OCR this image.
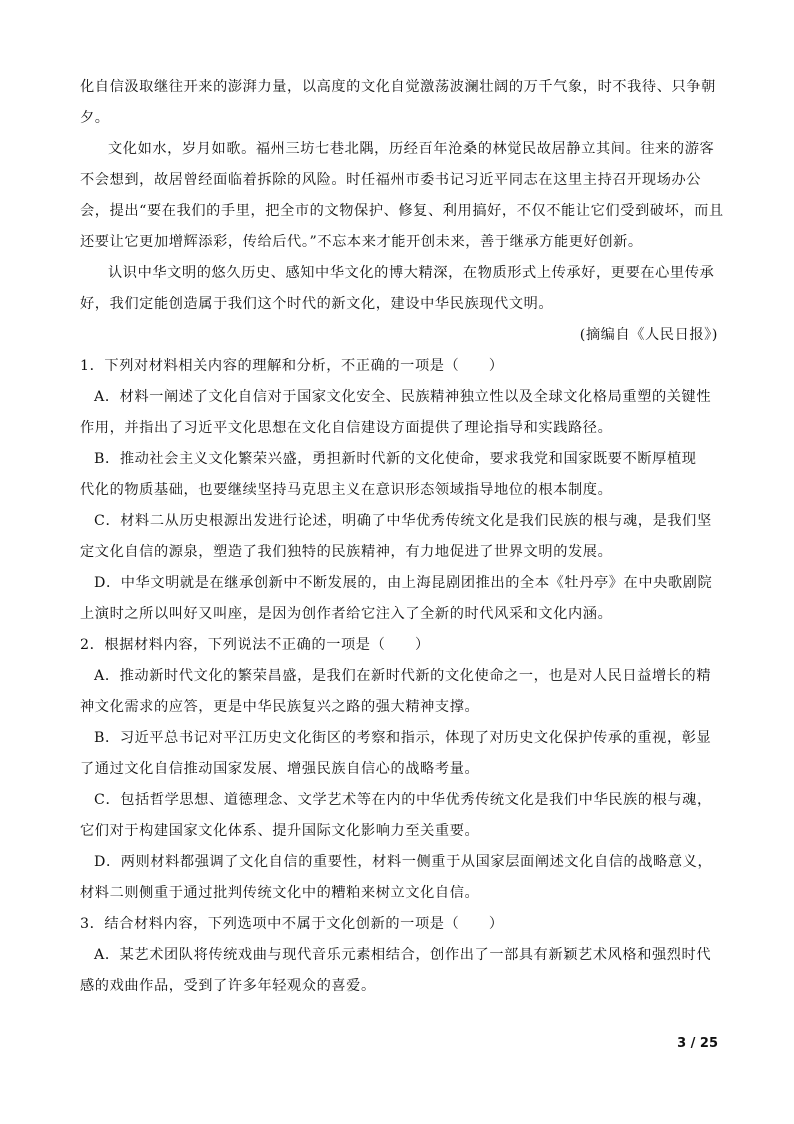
化自信汲取继往开来的澎湃力量，以高度的文化自觉激荡波澜壮阔的万千气象，时不我待、只争朝
夕。
文化如水，岁月如歌。福州三坊七巷北隅，历经百年沧桑的林觉民故居静立其间。往来的游客
不会想到，故居曾经面临着拆除的风险。时任福州市委书记习近平同志在这里主持召开现场办公
会，提出“要在我们的手里，把全市的文物保护、修复、利用搞好，不仅不能让它们受到破坏，而且
还要让它更加增辉添彩，传给后代。”不忘本来才能开创未来，善于继承方能更好创新。
认识中华文明的悠久历史、感知中华文化的博大精深，在物质形式上传承好，更要在心里传承
好，我们定能创造属于我们这个时代的新文化，建设中华民族现代文明。
(摘编自《人民日报》)
1．下列对材料相关内容的理解和分析，不正确的一项是（　　）
A．材料一阐述了文化自信对于国家文化安全、民族精神独立性以及全球文化格局重塑的关键性
作用，并指出了习近平文化思想在文化自信建设方面提供了理论指导和实践路径。
B．推动社会主义文化繁荣兴盛，勇担新时代新的文化使命，要求我党和国家既要不断厚植现
代化的物质基础，也要继续坚持马克思主义在意识形态领域指导地位的根本制度。
C．材料二从历史根源出发进行论述，明确了中华优秀传统文化是我们民族的根与魂，是我们坚
定文化自信的源泉，塑造了我们独特的民族精神，有力地促进了世界文明的发展。
D．中华文明就是在继承创新中不断发展的，由上海昆剧团推出的全本《牡丹亭》在中央歌剧院
上演时之所以叫好又叫座，是因为创作者给它注入了全新的时代风采和文化内涵。
2．根据材料内容，下列说法不正确的一项是（　　）
A．推动新时代文化的繁荣昌盛，是我们在新时代新的文化使命之一，也是对人民日益增长的精
神文化需求的应答，更是中华民族复兴之路的强大精神支撑。
B．习近平总书记对平江历史文化街区的考察和指示，体现了对历史文化保护传承的重视，彰显
了通过文化自信推动国家发展、增强民族自信心的战略考量。
C．包括哲学思想、道德理念、文学艺术等在内的中华优秀传统文化是我们中华民族的根与魂，
它们对于构建国家文化体系、提升国际文化影响力至关重要。
D．两则材料都强调了文化自信的重要性，材料一侧重于从国家层面阐述文化自信的战略意义，
材料二则侧重于通过批判传统文化中的糟粕来树立文化自信。
3．结合材料内容，下列选项中不属于文化创新的一项是（　　）
A．某艺术团队将传统戏曲与现代音乐元素相结合，创作出了一部具有新颖艺术风格和强烈时代
感的戏曲作品，受到了许多年轻观众的喜爱。
3 / 25
